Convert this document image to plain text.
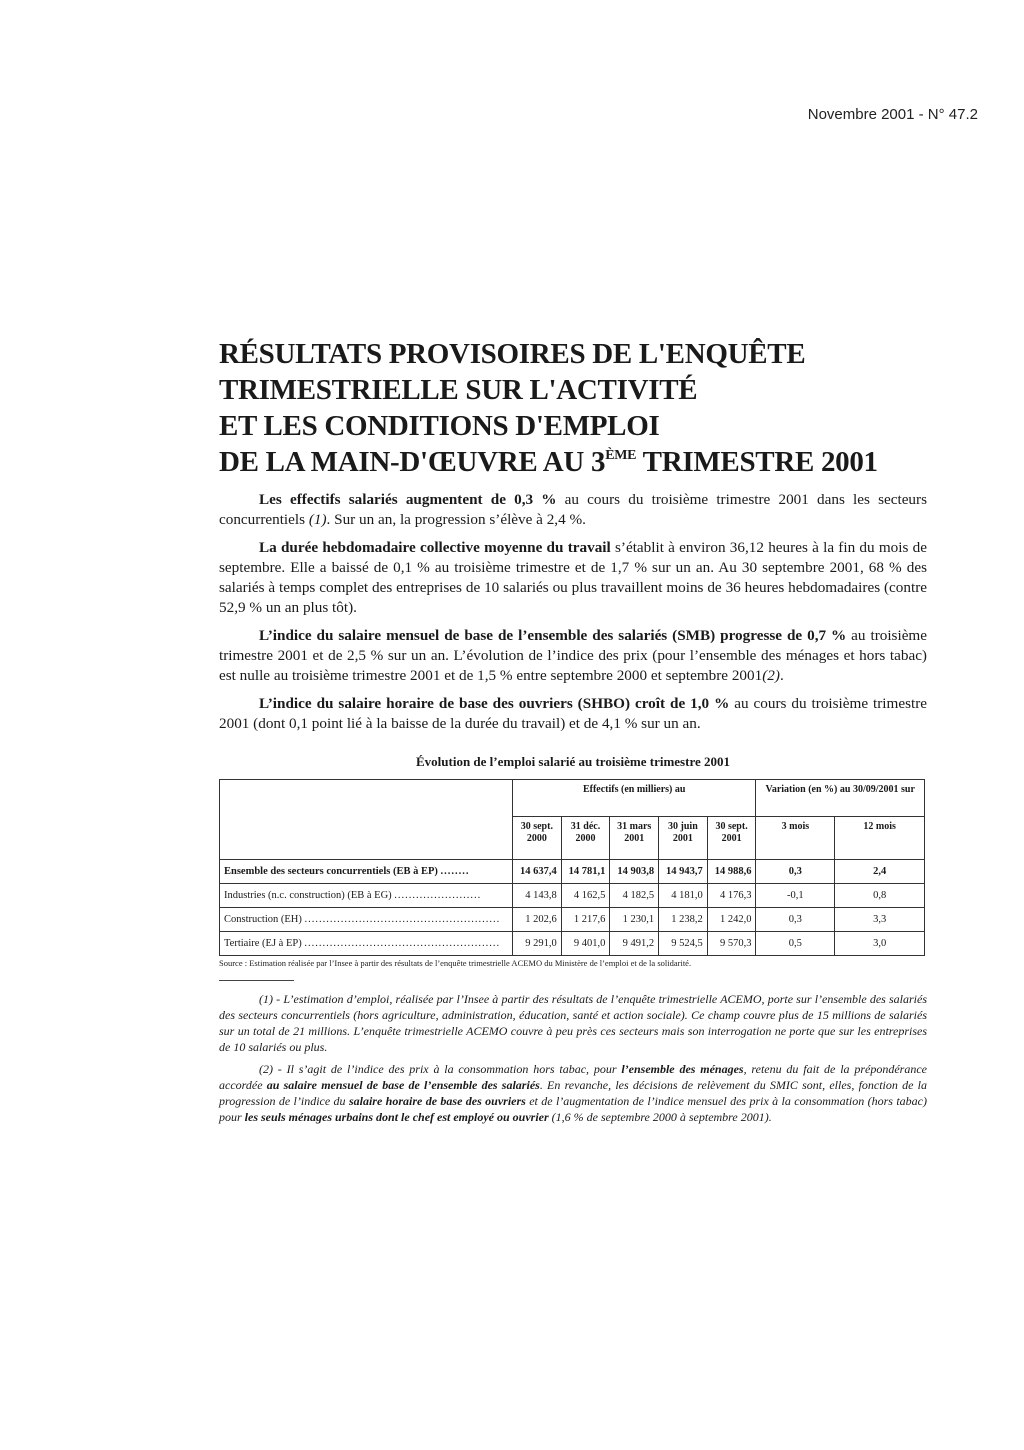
Novembre 2001 - N° 47.2
RÉSULTATS PROVISOIRES DE L'ENQUÊTE
TRIMESTRIELLE SUR L'ACTIVITÉ
ET LES CONDITIONS D'EMPLOI
DE LA MAIN-D'ŒUVRE AU 3ÈME TRIMESTRE 2001

Les effectifs salariés augmentent de 0,3 % au cours du troisième trimestre 2001 dans les secteurs concurrentiels (1). Sur un an, la progression s’élève à 2,4 %.

La durée hebdomadaire collective moyenne du travail s’établit à environ 36,12 heures à la fin du mois de septembre. Elle a baissé de 0,1 % au troisième trimestre et de 1,7 % sur un an. Au 30 septembre 2001, 68 % des salariés à temps complet des entreprises de 10 salariés ou plus travaillent moins de 36 heures hebdomadaires (contre 52,9 % un an plus tôt).

L’indice du salaire mensuel de base de l’ensemble des salariés (SMB) progresse de 0,7 % au troisième trimestre 2001 et de 2,5 % sur un an. L’évolution de l’indice des prix (pour l’ensemble des ménages et hors tabac) est nulle au troisième trimestre 2001 et de 1,5 % entre septembre 2000 et septembre 2001(2).

L’indice du salaire horaire de base des ouvriers (SHBO) croît de 1,0 % au cours du troisième trimestre 2001 (dont 0,1 point lié à la baisse de la durée du travail) et de 4,1 % sur un an.

Évolution de l’emploi salarié au troisième trimestre 2001
	Effectifs (en milliers) au					Variation (en %) au 30/09/2001 sur	
	30 sept.
2000	31 déc.
2000	31 mars
2001	30 juin
2001	30 sept.
2001	3 mois	12 mois
Ensemble des secteurs concurrentiels (EB à EP) ........	14 637,4	14 781,1	14 903,8	14 943,7	14 988,6	0,3	2,4
Industries (n.c. construction) (EB à EG) ........................	4 143,8	4 162,5	4 182,5	4 181,0	4 176,3	-0,1	0,8
Construction (EH) ......................................................	1 202,6	1 217,6	1 230,1	1 238,2	1 242,0	0,3	3,3
Tertiaire (EJ à EP) ......................................................	9 291,0	9 401,0	9 491,2	9 524,5	9 570,3	0,5	3,0
Source : Estimation réalisée par l’Insee à partir des résultats de l’enquête trimestrielle ACEMO du Ministère de l’emploi et de la solidarité.

(1) - L’estimation d’emploi, réalisée par l’Insee à partir des résultats de l’enquête trimestrielle ACEMO, porte sur l’ensemble des salariés des secteurs concurrentiels (hors agriculture, administration, éducation, santé et action sociale). Ce champ couvre plus de 15 millions de salariés sur un total de 21 millions. L’enquête trimestrielle ACEMO couvre à peu près ces secteurs mais son interrogation ne porte que sur les entreprises de 10 salariés ou plus.

(2) - Il s’agit de l’indice des prix à la consommation hors tabac, pour l’ensemble des ménages, retenu du fait de la prépondérance accordée au salaire mensuel de base de l’ensemble des salariés. En revanche, les décisions de relèvement du SMIC sont, elles, fonction de la progression de l’indice du salaire horaire de base des ouvriers et de l’augmentation de l’indice mensuel des prix à la consommation (hors tabac) pour les seuls ménages urbains dont le chef est employé ou ouvrier (1,6 % de septembre 2000 à septembre 2001).
